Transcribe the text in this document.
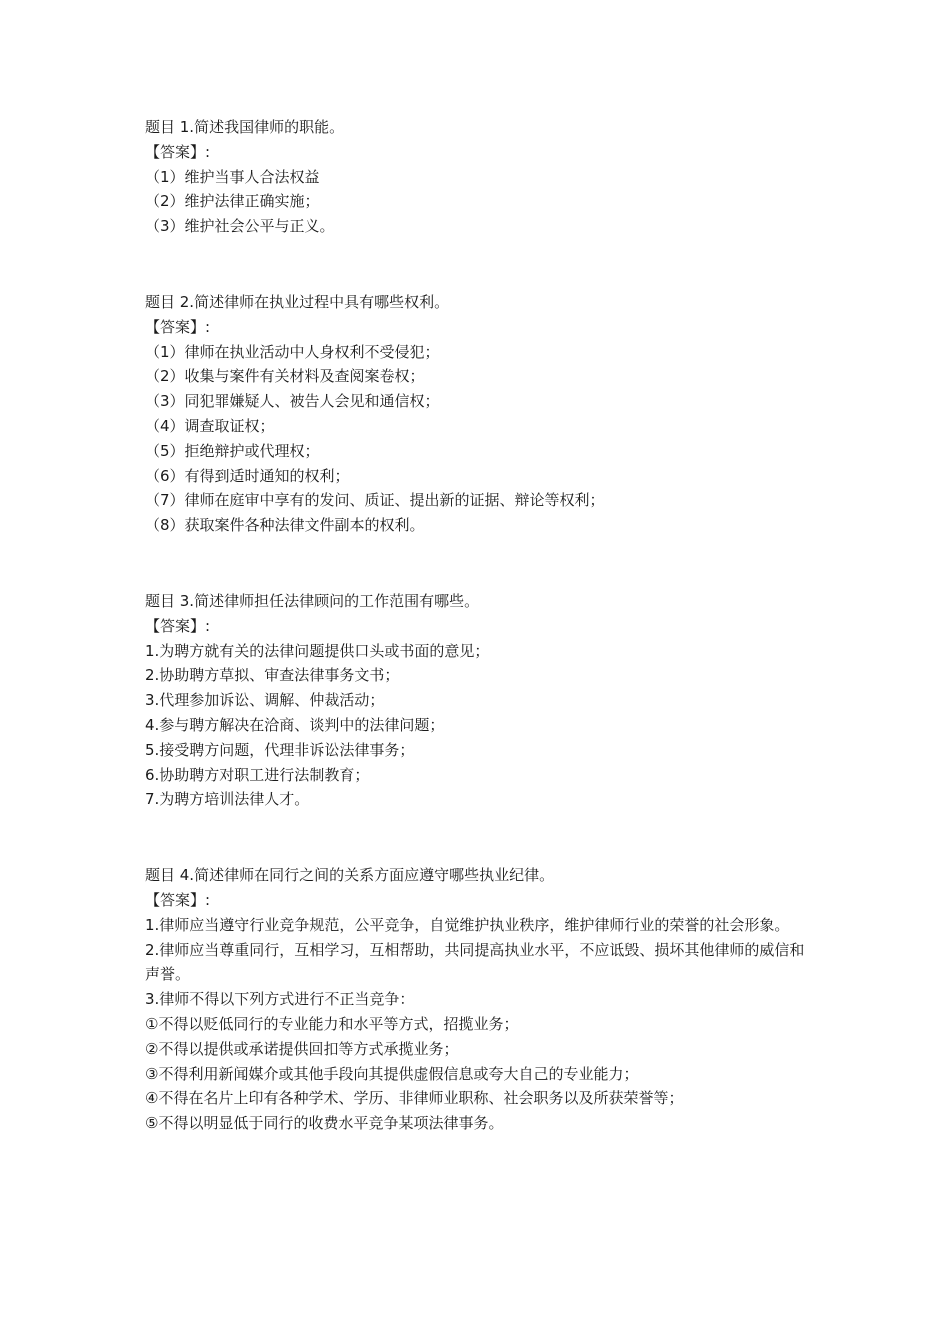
题目 1.简述我国律师的职能。

【答案】:

（1）维护当事人合法权益

（2）维护法律正确实施；

（3）维护社会公平与正义。

题目 2.简述律师在执业过程中具有哪些权利。

【答案】:

（1）律师在执业活动中人身权利不受侵犯；

（2）收集与案件有关材料及查阅案卷权；

（3）同犯罪嫌疑人、被告人会见和通信权；

（4）调查取证权；

（5）拒绝辩护或代理权；

（6）有得到适时通知的权利；

（7）律师在庭审中享有的发问、质证、提出新的证据、辩论等权利；

（8）获取案件各种法律文件副本的权利。

题目 3.简述律师担任法律顾问的工作范围有哪些。

【答案】:

1.为聘方就有关的法律问题提供口头或书面的意见；

2.协助聘方草拟、审查法律事务文书；

3.代理参加诉讼、调解、仲裁活动；

4.参与聘方解决在洽商、谈判中的法律问题；

5.接受聘方问题，代理非诉讼法律事务；

6.协助聘方对职工进行法制教育；

7.为聘方培训法律人才。

题目 4.简述律师在同行之间的关系方面应遵守哪些执业纪律。

【答案】:

1.律师应当遵守行业竞争规范，公平竞争，自觉维护执业秩序，维护律师行业的荣誉的社会形象。

2.律师应当尊重同行，互相学习，互相帮助，共同提高执业水平，不应诋毁、损坏其他律师的威信和声誉。

3.律师不得以下列方式进行不正当竞争：

①不得以贬低同行的专业能力和水平等方式，招揽业务；

②不得以提供或承诺提供回扣等方式承揽业务；

③不得利用新闻媒介或其他手段向其提供虚假信息或夸大自己的专业能力；

④不得在名片上印有各种学术、学历、非律师业职称、社会职务以及所获荣誉等；

⑤不得以明显低于同行的收费水平竞争某项法律事务。
